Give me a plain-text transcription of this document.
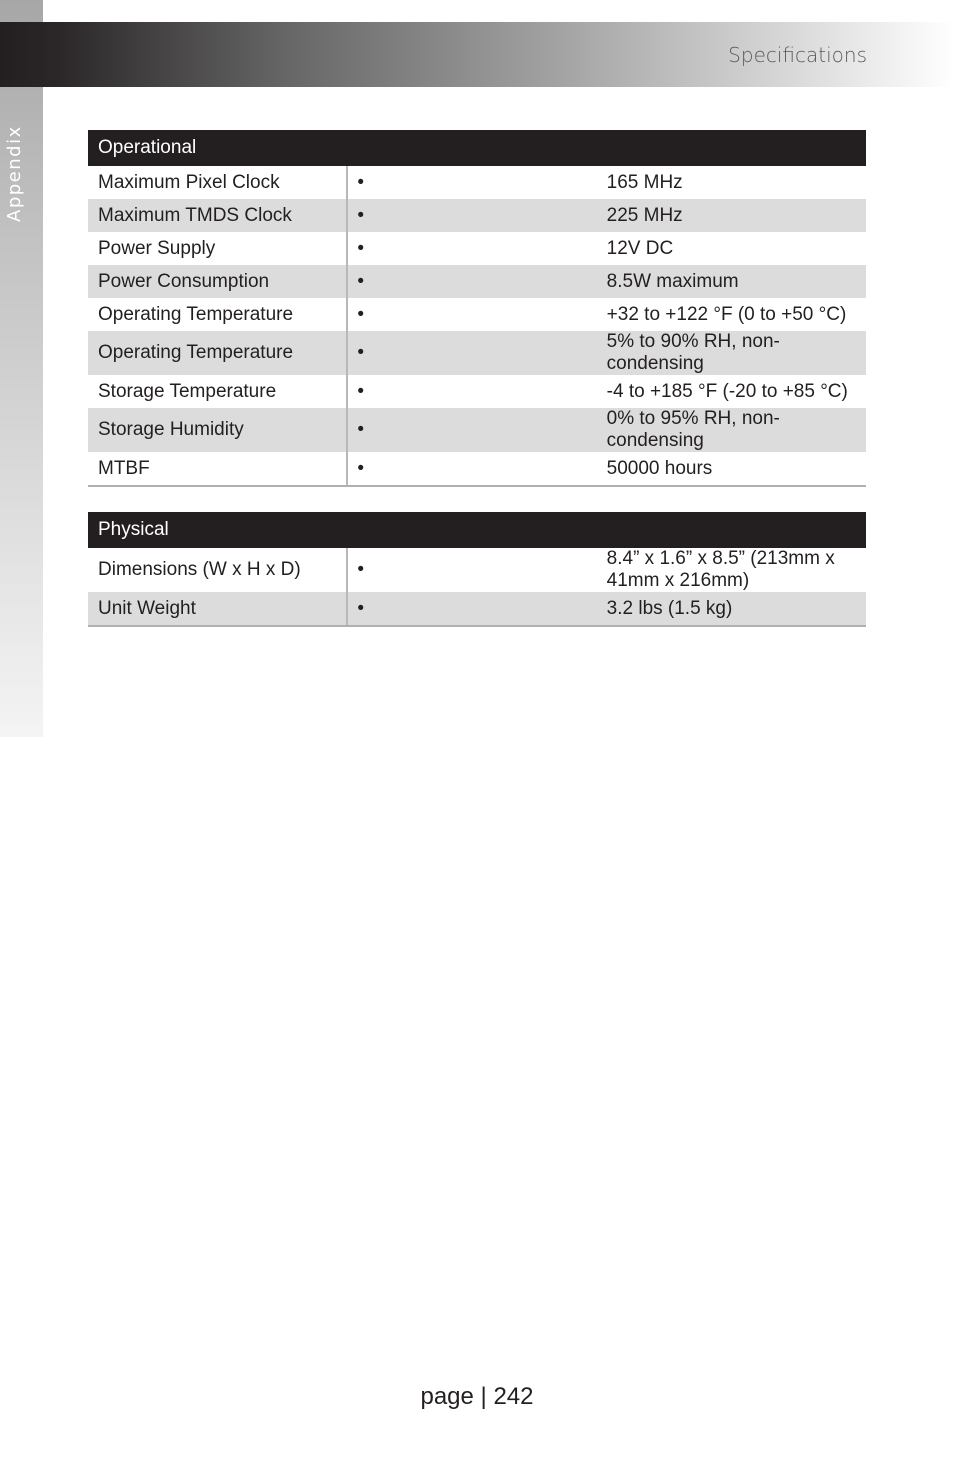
Appendix
Specifications
Operational		
Maximum Pixel Clock	•	165 MHz
Maximum TMDS Clock	•	225 MHz
Power Supply	•	12V DC
Power Consumption	•	8.5W maximum
Operating Temperature	•	+32 to +122 °F (0 to +50 °C)
Operating Temperature	•	5% to 90% RH, non-condensing
Storage Temperature	•	-4 to +185 °F (-20 to +85 °C)
Storage Humidity	•	0% to 95% RH, non-condensing
MTBF	•	50000 hours
Physical		
Dimensions (W x H x D)	•	8.4” x 1.6” x 8.5” (213mm x 41mm x 216mm)
Unit Weight	•	3.2 lbs (1.5 kg)
page | 242
